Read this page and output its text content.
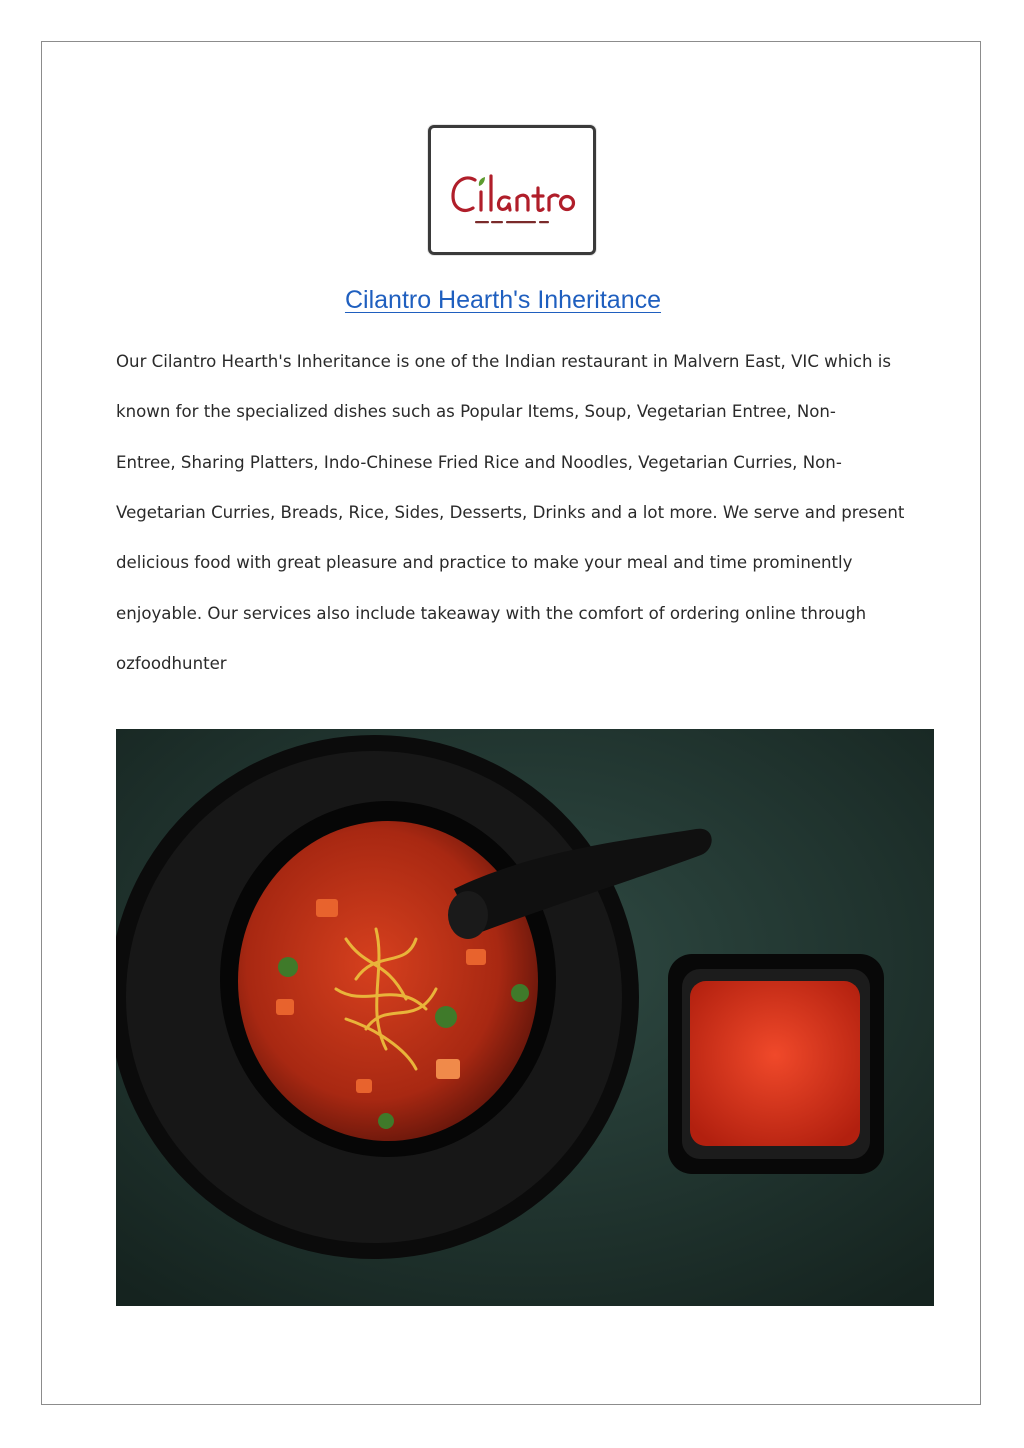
Cilantro Hearth's Inheritance
Our Cilantro Hearth's Inheritance is one of the Indian restaurant in Malvern East, VIC which is
known for the specialized dishes such as Popular Items, Soup, Vegetarian Entree, Non-
Entree, Sharing Platters, Indo-Chinese Fried Rice and Noodles, Vegetarian Curries, Non-
Vegetarian Curries, Breads, Rice, Sides, Desserts, Drinks and a lot more. We serve and present
delicious food with great pleasure and practice to make your meal and time prominently
enjoyable. Our services also include takeaway with the comfort of ordering online through
ozfoodhunter
